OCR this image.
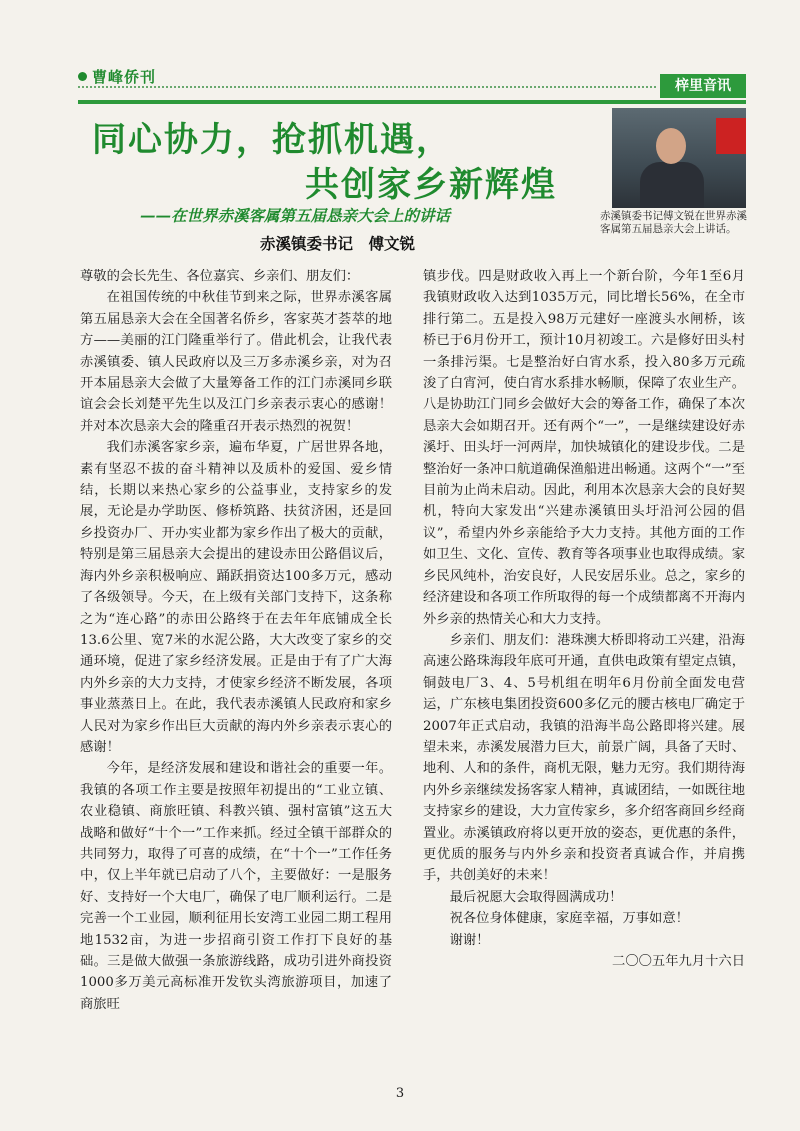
曹峰侨刊	梓里音讯
同心协力，抢抓机遇，
共创家乡新辉煌
——在世界赤溪客属第五届恳亲大会上的讲话
赤溪镇委书记　傅文锐
赤溪镇委书记傅文锐在世界赤溪客属第五届恳亲大会上讲话。

尊敬的会长先生、各位嘉宾、乡亲们、朋友们：

在祖国传统的中秋佳节到来之际，世界赤溪客属第五届恳亲大会在全国著名侨乡，客家英才荟萃的地方——美丽的江门隆重举行了。借此机会，让我代表赤溪镇委、镇人民政府以及三万多赤溪乡亲，对为召开本届恳亲大会做了大量筹备工作的江门赤溪同乡联谊会会长刘楚平先生以及江门乡亲表示衷心的感谢！并对本次恳亲大会的隆重召开表示热烈的祝贺！

我们赤溪客家乡亲，遍布华夏，广居世界各地，素有坚忍不拔的奋斗精神以及质朴的爱国、爱乡情结，长期以来热心家乡的公益事业，支持家乡的发展，无论是办学助医、修桥筑路、扶贫济困，还是回乡投资办厂、开办实业都为家乡作出了极大的贡献，特别是第三届恳亲大会提出的建设赤田公路倡议后，海内外乡亲积极响应、踊跃捐资达100多万元，感动了各级领导。今天，在上级有关部门支持下，这条称之为“连心路”的赤田公路终于在去年年底铺成全长13.6公里、宽7米的水泥公路，大大改变了家乡的交通环境，促进了家乡经济发展。正是由于有了广大海内外乡亲的大力支持，才使家乡经济不断发展，各项事业蒸蒸日上。在此，我代表赤溪镇人民政府和家乡人民对为家乡作出巨大贡献的海内外乡亲表示衷心的感谢！

今年，是经济发展和建设和谐社会的重要一年。我镇的各项工作主要是按照年初提出的“工业立镇、农业稳镇、商旅旺镇、科教兴镇、强村富镇”这五大战略和做好“十个一”工作来抓。经过全镇干部群众的共同努力，取得了可喜的成绩，在“十个一”工作任务中，仅上半年就已启动了八个，主要做好：一是服务好、支持好一个大电厂，确保了电厂顺利运行。二是完善一个工业园，顺利征用长安湾工业园二期工程用地1532亩，为进一步招商引资工作打下良好的基础。三是做大做强一条旅游线路，成功引进外商投资1000多万美元高标准开发钦头湾旅游项目，加速了商旅旺

镇步伐。四是财政收入再上一个新台阶，今年1至6月我镇财政收入达到1035万元，同比增长56%，在全市排行第二。五是投入98万元建好一座渡头水闸桥，该桥已于6月份开工，预计10月初竣工。六是修好田头村一条排污渠。七是整治好白宵水系，投入80多万元疏浚了白宵河，使白宵水系排水畅顺，保障了农业生产。八是协助江门同乡会做好大会的筹备工作，确保了本次恳亲大会如期召开。还有两个“一”，一是继续建设好赤溪圩、田头圩一河两岸，加快城镇化的建设步伐。二是整治好一条冲口航道确保渔船进出畅通。这两个“一”至目前为止尚未启动。因此，利用本次恳亲大会的良好契机，特向大家发出“兴建赤溪镇田头圩沿河公园的倡议”，希望内外乡亲能给予大力支持。其他方面的工作如卫生、文化、宣传、教育等各项事业也取得成绩。家乡民风纯朴，治安良好，人民安居乐业。总之，家乡的经济建设和各项工作所取得的每一个成绩都离不开海内外乡亲的热情关心和大力支持。

乡亲们、朋友们：港珠澳大桥即将动工兴建，沿海高速公路珠海段年底可开通，直供电政策有望定点镇，铜鼓电厂3、4、5号机组在明年6月份前全面发电营运，广东核电集团投资600多亿元的腰古核电厂确定于2007年正式启动，我镇的沿海半岛公路即将兴建。展望未来，赤溪发展潜力巨大，前景广阔，具备了天时、地利、人和的条件，商机无限，魅力无穷。我们期待海内外乡亲继续发扬客家人精神，真诚团结，一如既往地支持家乡的建设，大力宣传家乡，多介绍客商回乡经商置业。赤溪镇政府将以更开放的姿态，更优惠的条件，更优质的服务与内外乡亲和投资者真诚合作，并肩携手，共创美好的未来！

最后祝愿大会取得圆满成功！

祝各位身体健康，家庭幸福，万事如意！

谢谢！

二〇〇五年九月十六日

3
